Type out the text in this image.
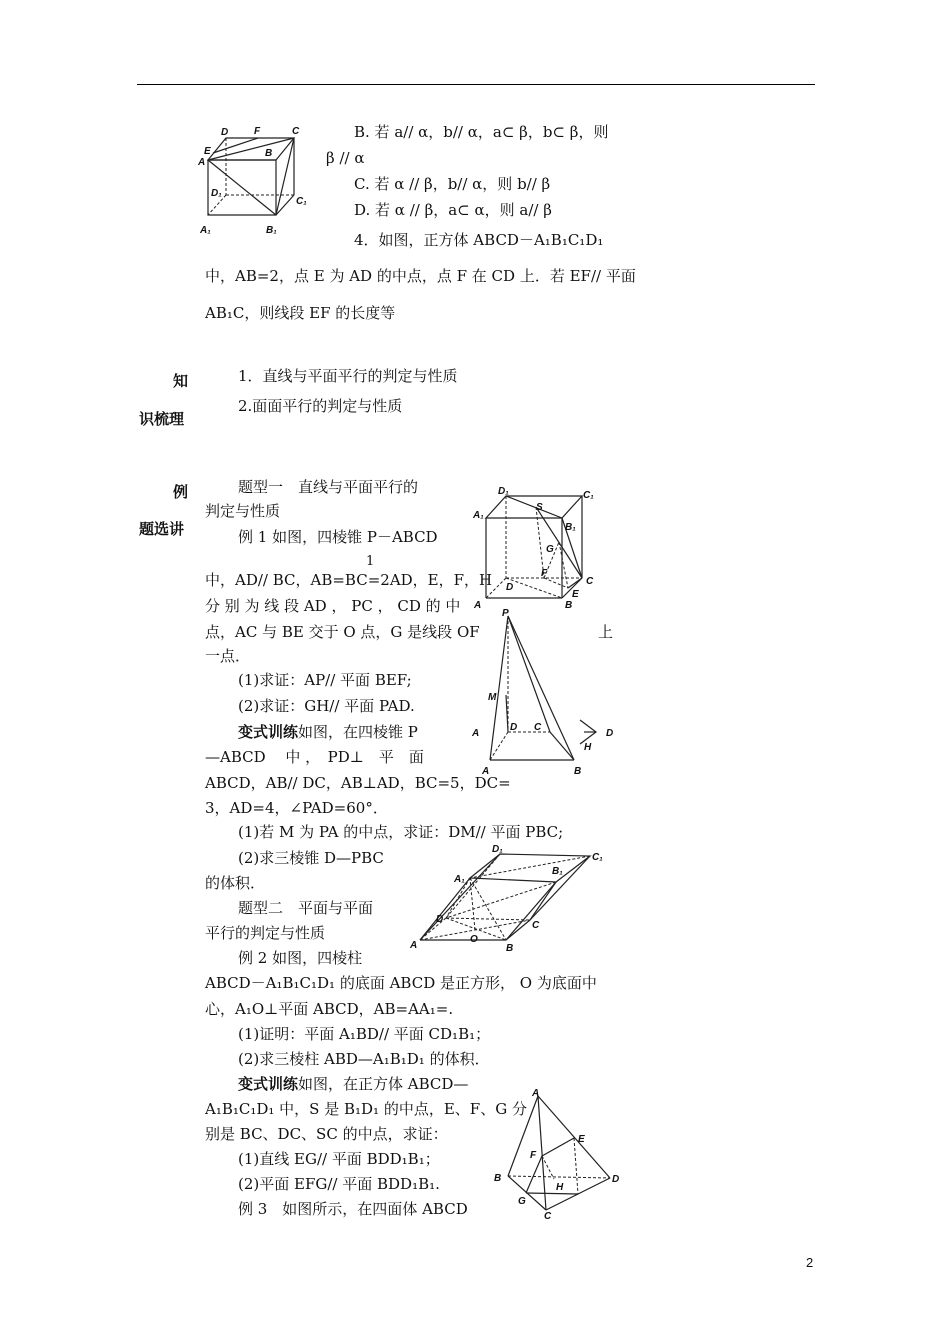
D	F	C
E	B
A
D₁
C₁
A₁	B₁
B. 若 a// α，b// α，a⊂ β，b⊂ β，则
β // α
C. 若 α // β，b// α，则 b// β
D. 若 α // β，a⊂ α，则 a// β
4．如图，正方体 ABCD－A₁B₁C₁D₁
中，AB=2，点 E 为 AD 的中点，点 F 在 CD 上．若 EF// 平面
AB₁C，则线段 EF 的长度等
知
识梳理
例
题选讲
1．直线与平面平行的判定与性质
2.面面平行的判定与性质
题型一　直线与平面平行的
判定与性质
例 1 如图，四棱锥 P－ABCD
1
中，AD// BC，AB=BC=2AD，E，F，H
分 别 为 线 段 AD ， PC ， CD 的 中
点，AC 与 BE 交于 O 点，G 是线段 OF	上
一点．
(1)求证：AP// 平面 BEF;
(2)求证：GH// 平面 PAD.
变式训练如图，在四棱锥 P
—ABCD　 中 ，　PD⊥　平　面
ABCD，AB// DC，AB⊥AD，BC=5，DC=
3，AD=4，∠PAD=60°．
(1)若 M 为 PA 的中点，求证：DM// 平面 PBC;
(2)求三棱锥 D—PBC
的体积．
题型二　平面与平面
平行的判定与性质
例 2 如图，四棱柱
ABCD－A₁B₁C₁D₁ 的底面 ABCD 是正方形， O 为底面中
心，A₁O⊥平面 ABCD，AB=AA₁=.
(1)证明：平面 A₁BD// 平面 CD₁B₁；
(2)求三棱柱 ABD—A₁B₁D₁ 的体积．
变式训练如图，在正方体 ABCD—
A₁B₁C₁D₁ 中，S 是 B₁D₁ 的中点，E、F、G 分
别是 BC、DC、SC 的中点，求证：
(1)直线 EG// 平面 BDD₁B₁；
(2)平面 EFG// 平面 BDD₁B₁.
例 3　如图所示，在四面体 ABCD
D₁
S
C₁
A₁
B₁
G
F
D
C
A	B
E
P
M
A
D C
H
A	B
D
D₁
C₁
A₁
B₁
D
C
A
O
B
A
E
F
B
H
D
G
C
2
